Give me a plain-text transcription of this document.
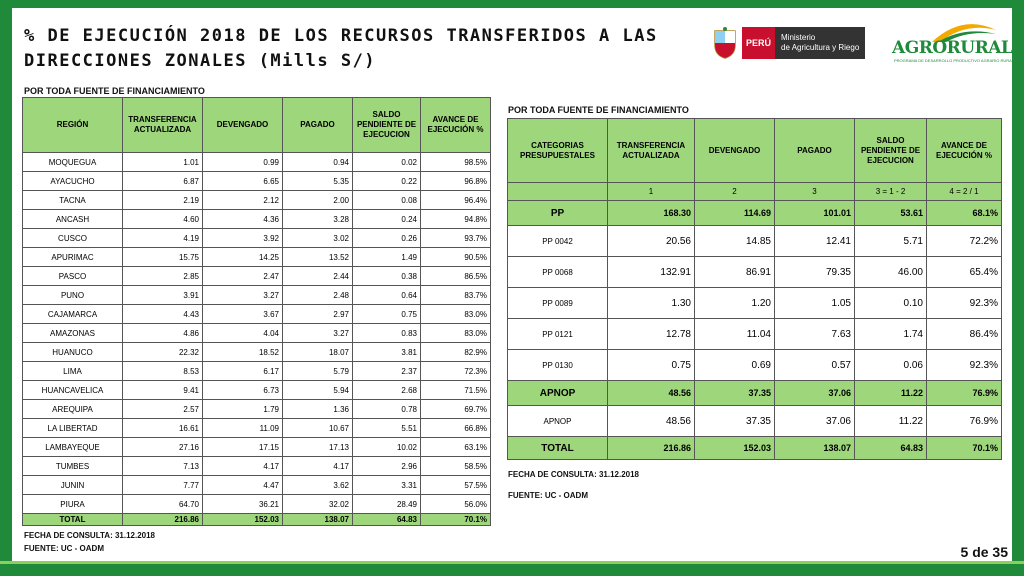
% DE EJECUCIÓN 2018 DE LOS RECURSOS TRANSFERIDOS A LAS DIRECCIONES ZONALES (Mills S/)
PERÚ
Ministerio
de Agricultura y Riego AGRORURAL
PROGRAMA DE DESARROLLO PRODUCTIVO AGRARIO RURAL
POR TODA FUENTE DE FINANCIAMIENTO
REGIÓN	TRANSFERENCIA ACTUALIZADA	DEVENGADO	PAGADO	SALDO PENDIENTE DE EJECUCION	AVANCE DE EJECUCIÓN %
MOQUEGUA	1.01	0.99	0.94	0.02	98.5%
AYACUCHO	6.87	6.65	5.35	0.22	96.8%
TACNA	2.19	2.12	2.00	0.08	96.4%
ANCASH	4.60	4.36	3.28	0.24	94.8%
CUSCO	4.19	3.92	3.02	0.26	93.7%
APURIMAC	15.75	14.25	13.52	1.49	90.5%
PASCO	2.85	2.47	2.44	0.38	86.5%
PUNO	3.91	3.27	2.48	0.64	83.7%
CAJAMARCA	4.43	3.67	2.97	0.75	83.0%
AMAZONAS	4.86	4.04	3.27	0.83	83.0%
HUANUCO	22.32	18.52	18.07	3.81	82.9%
LIMA	8.53	6.17	5.79	2.37	72.3%
HUANCAVELICA	9.41	6.73	5.94	2.68	71.5%
AREQUIPA	2.57	1.79	1.36	0.78	69.7%
LA LIBERTAD	16.61	11.09	10.67	5.51	66.8%
LAMBAYEQUE	27.16	17.15	17.13	10.02	63.1%
TUMBES	7.13	4.17	4.17	2.96	58.5%
JUNIN	7.77	4.47	3.62	3.31	57.5%
PIURA	64.70	36.21	32.02	28.49	56.0%
TOTAL	216.86	152.03	138.07	64.83	70.1%
FECHA DE CONSULTA: 31.12.2018
FUENTE: UC - OADM
POR TODA FUENTE DE FINANCIAMIENTO
CATEGORIAS PRESUPUESTALES	TRANSFERENCIA ACTUALIZADA	DEVENGADO	PAGADO	SALDO PENDIENTE DE EJECUCION	AVANCE DE EJECUCIÓN %
	1	2	3	3 = 1 - 2	4 = 2 / 1
PP	168.30	114.69	101.01	53.61	68.1%
PP 0042	20.56	14.85	12.41	5.71	72.2%
PP 0068	132.91	86.91	79.35	46.00	65.4%
PP 0089	1.30	1.20	1.05	0.10	92.3%
PP 0121	12.78	11.04	7.63	1.74	86.4%
PP 0130	0.75	0.69	0.57	0.06	92.3%
APNOP	48.56	37.35	37.06	11.22	76.9%
APNOP	48.56	37.35	37.06	11.22	76.9%
TOTAL	216.86	152.03	138.07	64.83	70.1%
FECHA DE CONSULTA: 31.12.2018
FUENTE: UC - OADM
5 de 35
